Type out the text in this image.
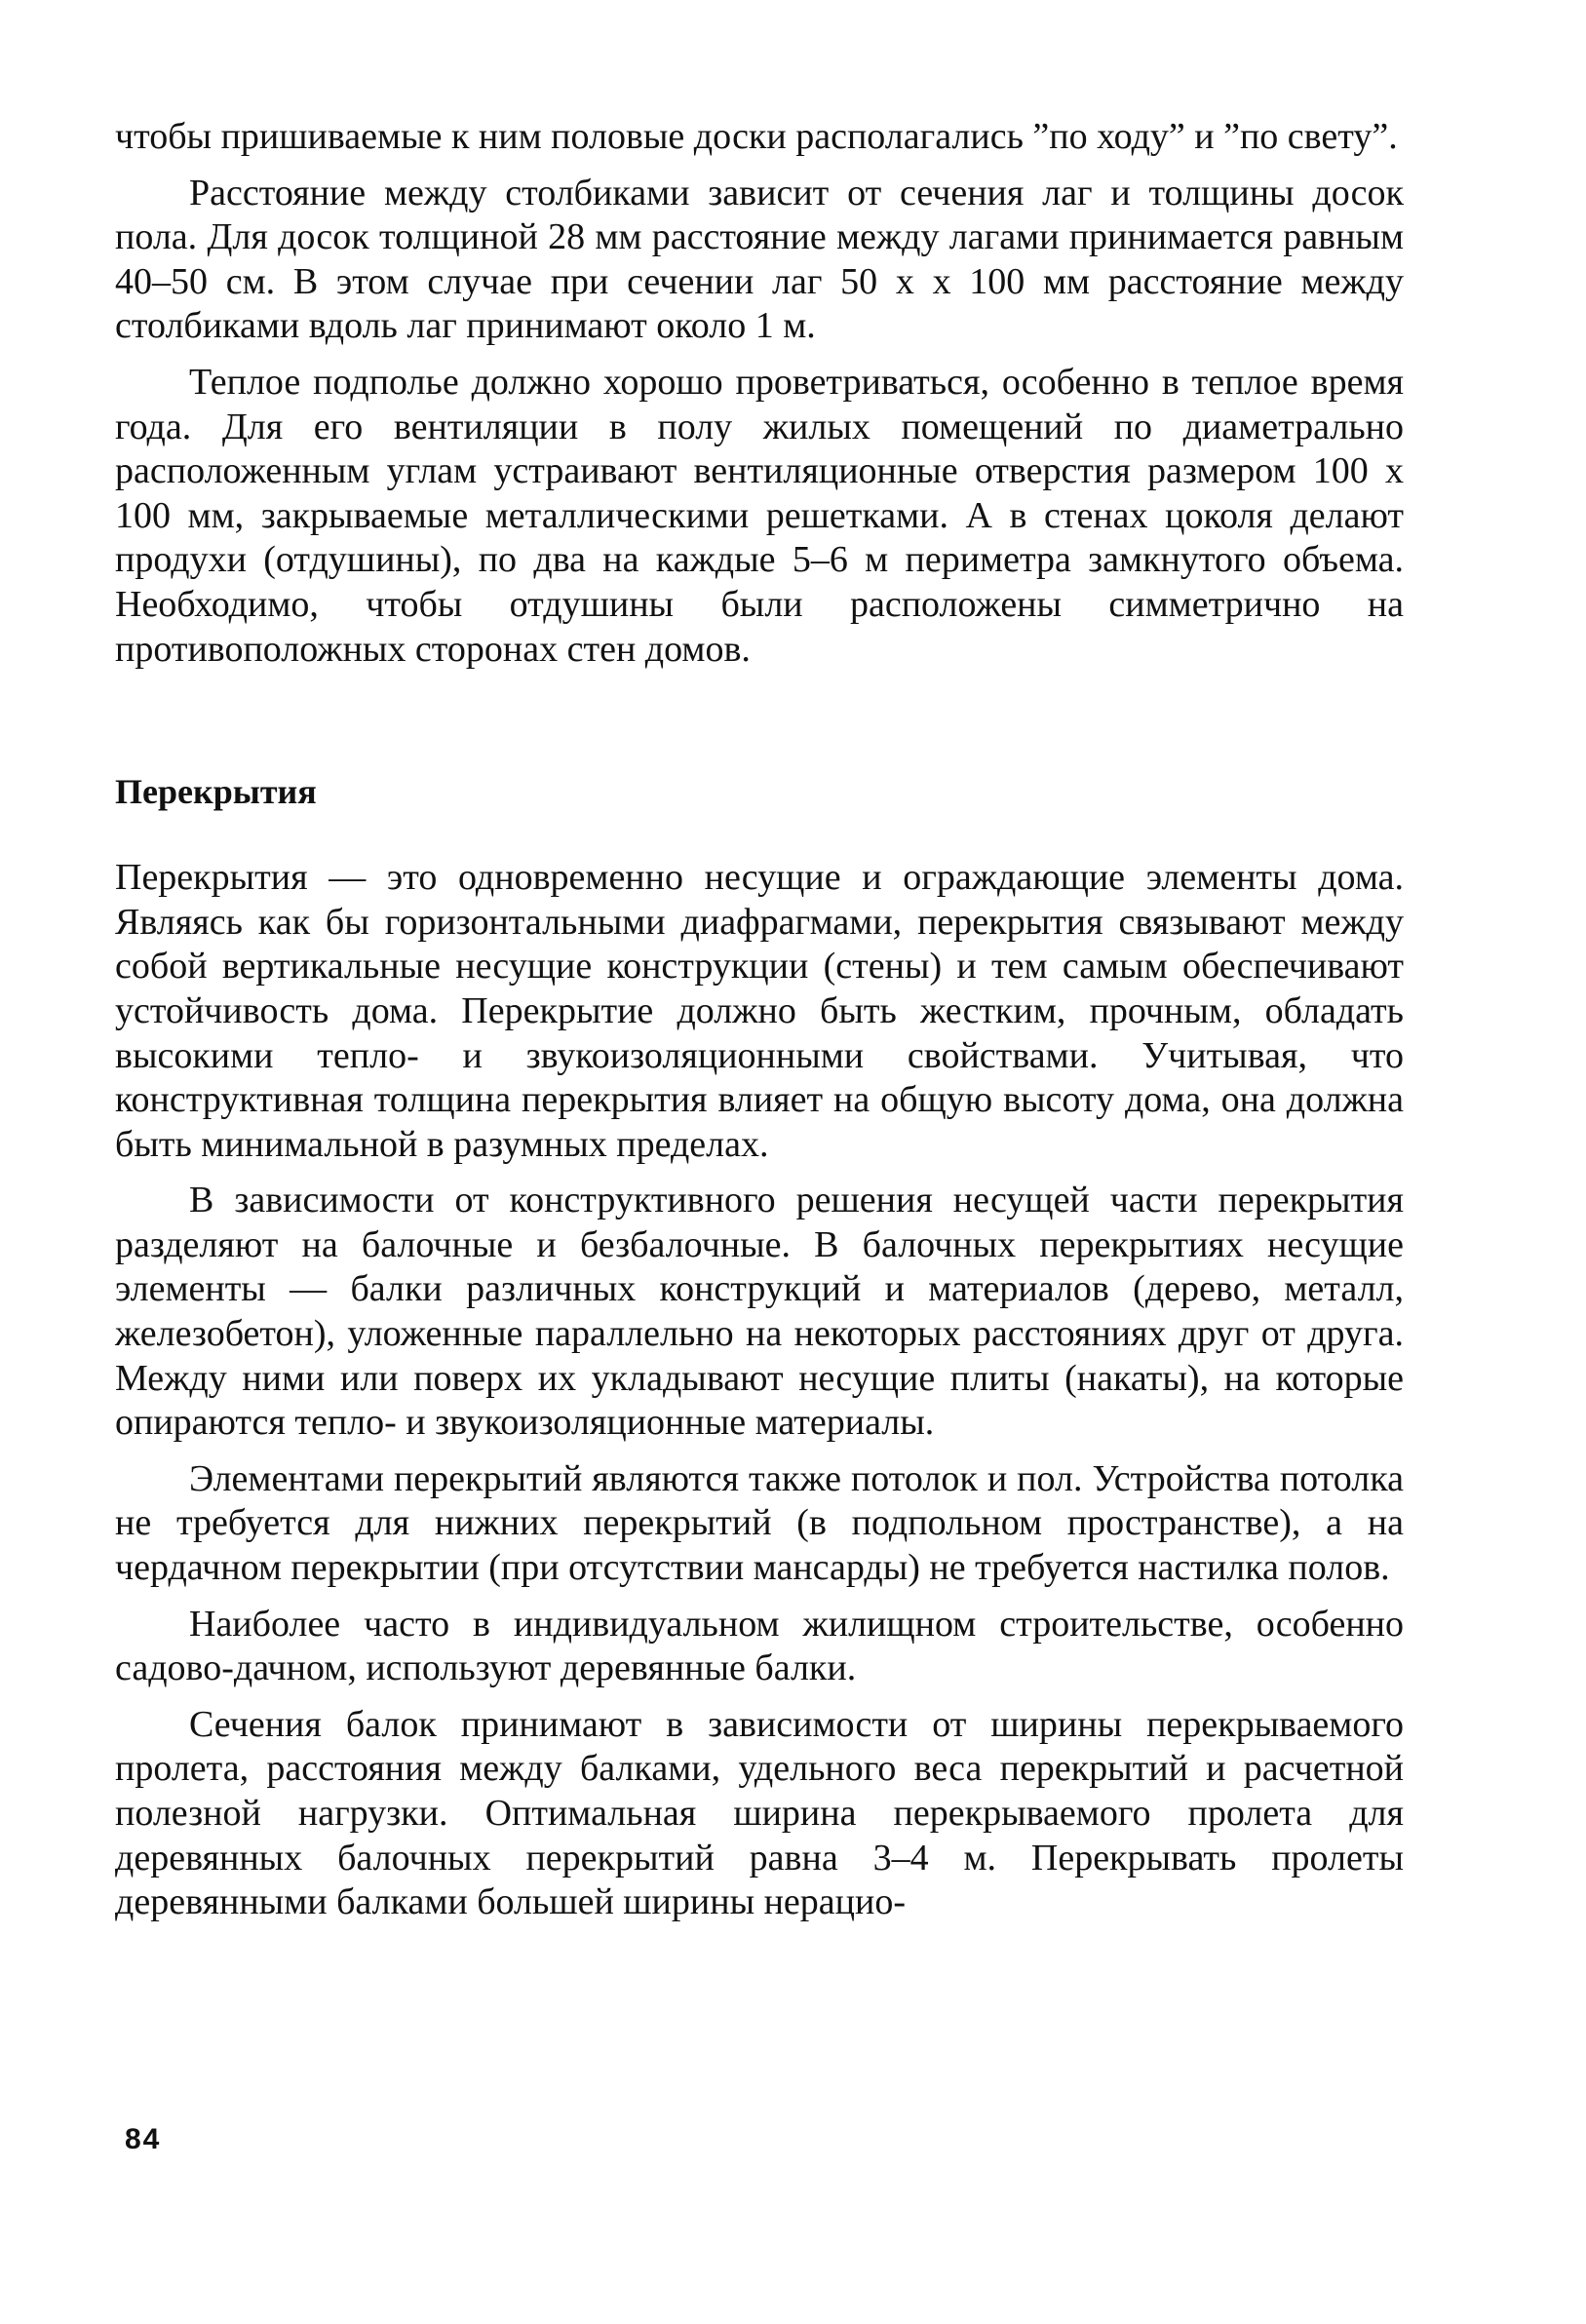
чтобы пришиваемые к ним половые доски располагались ”по ходу” и ”по свету”.

Расстояние между столбиками зависит от сечения лаг и толщины досок пола. Для досок толщиной 28 мм расстояние между лагами принимается равным 40–50 см. В этом случае при сечении лаг 50 x x 100 мм расстояние между столбиками вдоль лаг принимают около 1 м.

Теплое подполье должно хорошо проветриваться, особенно в теплое время года. Для его вентиляции в полу жилых помещений по диаметрально расположенным углам устраивают вентиляционные отверстия размером 100 x 100 мм, закрываемые металлическими решетками. А в стенах цоколя делают продухи (отдушины), по два на каждые 5–6 м периметра замкнутого объема. Необходимо, чтобы отдушины были расположены симметрично на противоположных сторонах стен домов.

Перекрытия

Перекрытия — это одновременно несущие и ограждающие элементы дома. Являясь как бы горизонтальными диафрагмами, перекрытия связывают между собой вертикальные несущие конструкции (стены) и тем самым обеспечивают устойчивость дома. Перекрытие должно быть жестким, прочным, обладать высокими тепло- и звукоизоляционными свойствами. Учитывая, что конструктивная толщина перекрытия влияет на общую высоту дома, она должна быть минимальной в разумных пределах.

В зависимости от конструктивного решения несущей части перекрытия разделяют на балочные и безбалочные. В балочных перекрытиях несущие элементы — балки различных конструкций и материалов (дерево, металл, железобетон), уложенные параллельно на некоторых расстояниях друг от друга. Между ними или поверх их укладывают несущие плиты (накаты), на которые опираются тепло- и звукоизоляционные материалы.

Элементами перекрытий являются также потолок и пол. Устройства потолка не требуется для нижних перекрытий (в подпольном пространстве), а на чердачном перекрытии (при отсутствии мансарды) не требуется настилка полов.

Наиболее часто в индивидуальном жилищном строительстве, особенно садово-дачном, используют деревянные балки.

Сечения балок принимают в зависимости от ширины перекрываемого пролета, расстояния между балками, удельного веса перекрытий и расчетной полезной нагрузки. Оптимальная ширина перекрываемого пролета для деревянных балочных перекрытий равна 3–4 м. Перекрывать пролеты деревянными балками большей ширины нерацио-

84
